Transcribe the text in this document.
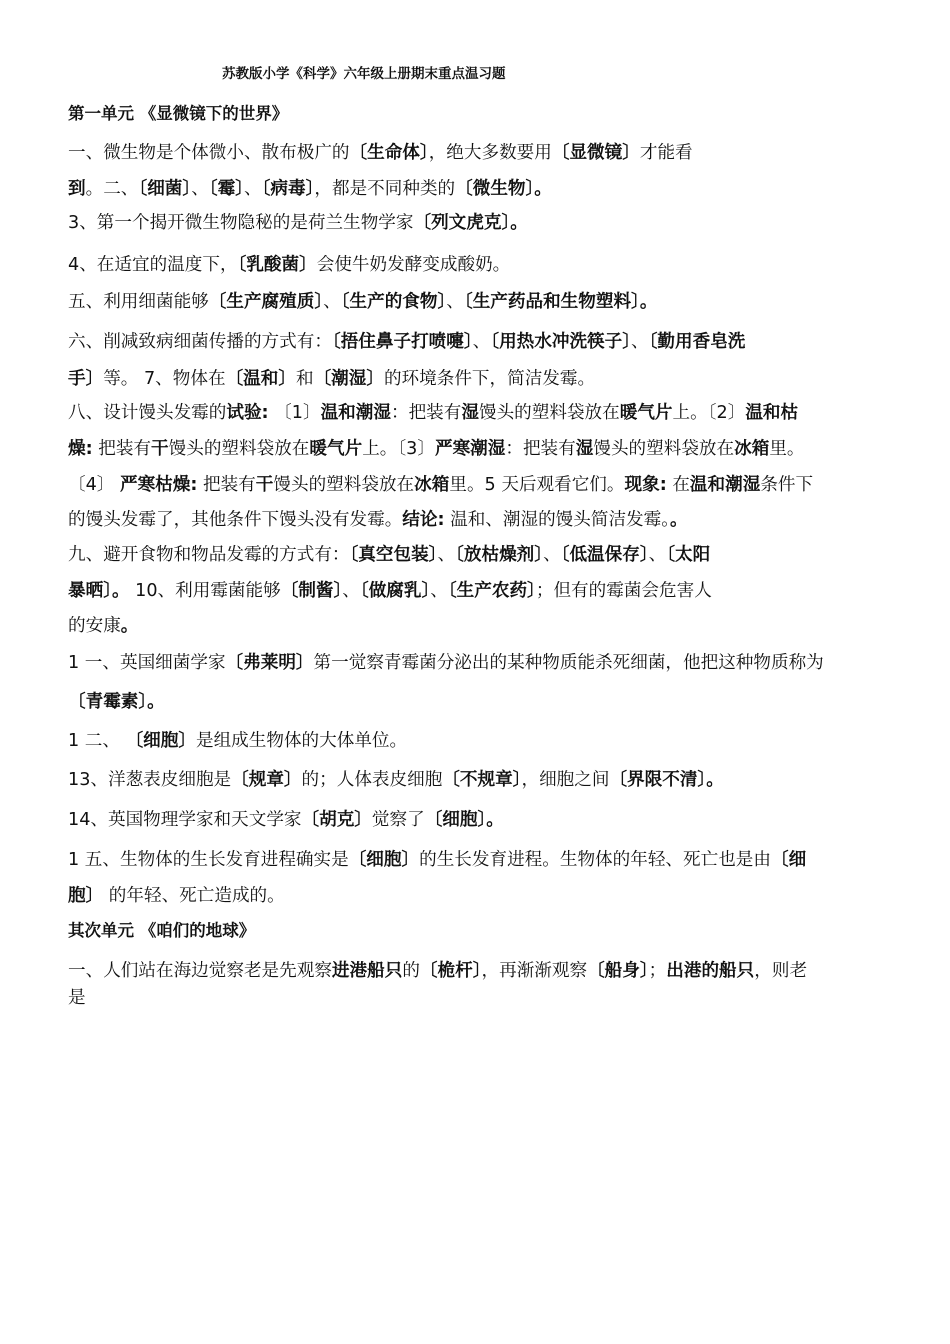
苏教版小学《科学》六年级上册期末重点温习题
第一单元 《显微镜下的世界》
一、微生物是个体微小、散布极广的〔生命体〕，绝大多数要用〔显微镜〕才能看
到。二、〔细菌〕、〔霉〕、〔病毒〕，都是不同种类的〔微生物〕。
3、第一个揭开微生物隐秘的是荷兰生物学家〔列文虎克〕。
4、在适宜的温度下，〔乳酸菌〕会使牛奶发酵变成酸奶。
五、利用细菌能够〔生产腐殖质〕、〔生产的食物〕、〔生产药品和生物塑料〕。
六、削减致病细菌传播的方式有：〔捂住鼻子打喷嚏〕、〔用热水冲洗筷子〕、〔勤用香皂洗
手〕等。 7、物体在〔温和〕和〔潮湿〕的环境条件下，简洁发霉。
八、设计馒头发霉的试验: 〔1〕温和潮湿：把装有湿馒头的塑料袋放在暖气片上。〔2〕温和枯
燥: 把装有干馒头的塑料袋放在暖气片上。〔3〕严寒潮湿：把装有湿馒头的塑料袋放在冰箱里。
〔4〕 严寒枯燥: 把装有干馒头的塑料袋放在冰箱里。5 天后观看它们。现象: 在温和潮湿条件下
的馒头发霉了，其他条件下馒头没有发霉。结论: 温和、潮湿的馒头简洁发霉。。
九、避开食物和物品发霉的方式有：〔真空包装〕、〔放枯燥剂〕、〔低温保存〕、〔太阳
暴晒〕。 10、利用霉菌能够〔制酱〕、〔做腐乳〕、〔生产农药〕；但有的霉菌会危害人
的安康。
1 一、英国细菌学家〔弗莱明〕第一觉察青霉菌分泌出的某种物质能杀死细菌，他把这种物质称为
〔青霉素〕。
1 二、 〔细胞〕是组成生物体的大体单位。
13、洋葱表皮细胞是〔规章〕的；人体表皮细胞〔不规章〕，细胞之间〔界限不清〕。
14、英国物理学家和天文学家〔胡克〕觉察了〔细胞〕。
1 五、生物体的生长发育进程确实是〔细胞〕的生长发育进程。生物体的年轻、死亡也是由〔细
胞〕 的年轻、死亡造成的。
其次单元 《咱们的地球》
一、人们站在海边觉察老是先观察进港船只的〔桅杆〕，再渐渐观察〔船身〕；出港的船只，则老
是
